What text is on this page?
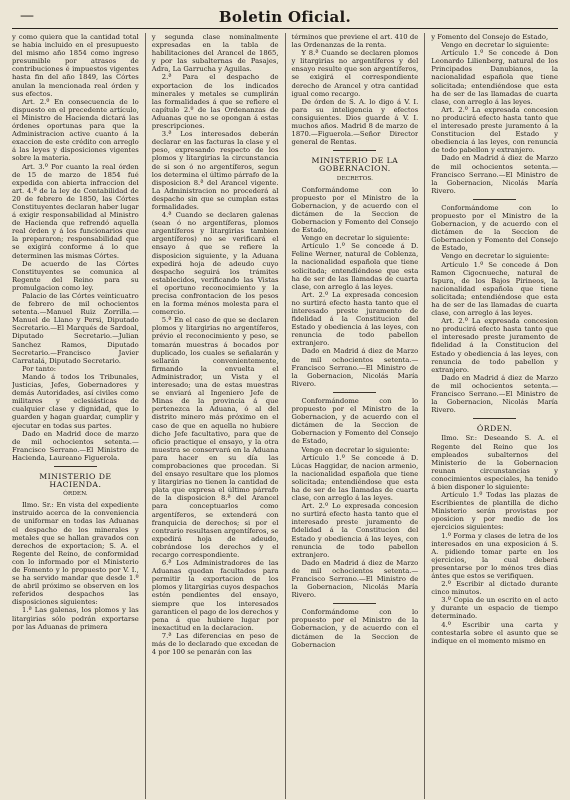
—	Boletin Oficial.

y como quiera que la cantidad total se habia incluido en el presupuesto del mismo año 1854 como ingreso presumible por atrasos de contribuciones é impuestos vigentes hasta fin del año 1849, las Córtes anulan la mencionada real órden y sus efectos.

Art. 2.º En consecuencia de lo dispuesto en el precedente artículo, el Ministro de Hacienda dictará las órdenes oportunas para que la Administracion active cuanto á la exaccion de este crédito con arreglo á las leyes y disposiciones vigentes sobre la materia.

Art. 3.º Por cuanto la real órden de 15 de marzo de 1854 fué expedida con abierta infraccion del art. 4.º de la ley de Contabilidad de 20 de febrero de 1850, las Córtes Constituyentes declaran haber lugar á exigir responsabilidad al Ministro de Hacienda que refrendó aquella real órden y á los funcionarios que la prepararon; responsabilidad que se exigirá conforme á lo que determinen las mismas Córtes.

De acuerdo de las Córtes Constituyentes se comunica al Regente del Reino para su promulgacion como ley.

Palacio de las Córtes veinticuatro de febrero de mil ochocientos setenta.—Manuel Ruiz Zorrilla.—Manuel de Llano y Persi, Diputado Secretario.—El Marqués de Sardoal, Diputado Secretario.—Julian Sanchez Ramos, Diputado Secretario.—Francisco Javier Carratalá, Diputado Secretario.

Por tanto:

Mando á todos los Tribunales, Justicias, Jefes, Gobernadores y demás Autoridades, así civiles como militares y eclesiásticas de cualquier clase y dignidad, que lo guarden y hagan guardar, cumplir y ejecutar en todas sus partes.

Dado en Madrid doce de marzo de mil ochocientos setenta.—Francisco Serrano.—El Ministro de Hacienda, Laureano Figuerola.

MINISTERIO DE HACIENDA.
ÓRDEN.

Ilmo. Sr.: En vista del expediente instruido acerca de la conveniencia de uniformar en todas las Aduanas el despacho de los minerales y metales que se hallan gravados con derechos de exportacion; S. A. el Regente del Reino, de conformidad con lo informado por el Ministerio de Fomento y lo propuesto por V. I., se ha servido mandar que desde 1.º de abril próximo se observen en los referidos despachos las disposiciones siguientes:

1.ª Las galenas, los plomos y las litargirias sólo podrán exportarse por las Aduanas de primera

y segunda clase nominalmente expresadas en la tabla de habilitaciones del Arancel de 1865, y por las subalternas de Pasajes, Adra, La Garrucha y Aguilas.

2.ª Para el despacho de exportacion de los indicados minerales y metales se cumplirán las formalidades á que se refiere el capítulo 2.º de las Ordenanzas de Aduanas que no se opongan á estas prescripciones.

3.ª Los interesados deberán declarar en las facturas la clase y el peso, expresando respecto de los plomos y litargirias la circunstancia de si son ó no argentíferos, segun los determina el último párrafo de la disposicion 8.ª del Arancel vigente. La Administracion no procederá al despacho sin que se cumplan estas formalidades.

4.ª Cuando se declaren galenas (sean ó no argentíferas, plomos argentíferos y litargirias tambien argentíferos) no se verificará el ensayo á que se refiere la disposicion siguiente, y la Aduana expedirá hoja de adeudo cuyo despacho seguirá los trámites establecidos, verificando las Vistas el oportuno reconocimiento y la precisa confrontacion de los pesos en la forma ménos molesta para el comercio.

5.ª En el caso de que se declaren plomos y litargirias no argentíferos, prévio el reconocimiento y peso, se tomarán muestras á bocados por duplicado, los cuales se señalarán y sellarán convenientemente, firmando la envuelta el Administrador, un Vista y el interesado; una de estas muestras se enviará al Ingeniero Jefe de Minas de la provincia á que pertenezca la Aduana, ó al del distrito minero más próximo en el caso de que en aquella no hubiere dicho Jefe facultativo, para que de oficio practique el ensayo, y la otra muestra se conservará en la Aduana para hacer en su día las comprobaciones que procedan. Si del ensayo resultare que los plomos y litargirias no tienen la cantidad de plata que expresa el último párrafo de la disposicion 8.ª del Arancel para conceptuarlos como argentíferos, se extenderá con franquicia de derechos; si por el contrario resultasen argentíferos, se expedirá hoja de adeudo, cobrándose los derechos y el recargo correspondiente.

6.ª Los Administradores de las Aduanas quedan facultados para permitir la exportacion de los plomos y litargirias cuyos despachos estén pendientes del ensayo, siempre que los interesados garanticen el pago de los derechos y pena á que hubiere lugar por inexactitud en la declaracion.

7.ª Las diferencias en peso de más de lo declarado que excedan de 4 por 100 se penarán con las

términos que previene el art. 410 de las Ordenanzas de la renta.

Y 8.ª Cuando se declaren plomos y litargirias no argentíferos y del ensayo resulte que son argentíferos, se exigirá el correspondiente derecho de Arancel y otra cantidad igual como recargo.

De órden de S. A. lo digo á V. I. para su inteligencia y efectos consiguientes. Dios guarde á V. I. muchos años. Madrid 8 de marzo de 1870.—Figuerola.—Señor Director general de Rentas.

MINISTERIO DE LA GOBERNACION.
DECRETOS.

Conformándome con lo propuesto por el Ministro de la Gobernacion, y de acuerdo con el dictámen de la Seccion de Gobernacion y Fomento del Consejo de Estado,

Vengo en decretar lo siguiente:

Artículo 1.º Se concede á D. Feline Werner, natural de Coblenza, la nacionalidad española que tiene solicitada; entendiéndose que esta ha de ser de las llamadas de cuarta clase, con arreglo á las leyes.

Art. 2.º La expresada concesion no surtirá efecto hasta tanto que el interesado preste juramento de fidelidad á la Constitucion del Estado y obediencia á las leyes, con renuncia de todo pabellon extranjero.

Dado en Madrid á diez de Marzo de mil ochocientos setenta.—Francisco Serrano.—El Ministro de la Gobernacion, Nicolás María Rivero.

Conformándome con lo propuesto por el Ministro de la Gobernacion, y de acuerdo con el dictámen de la Seccion de Gobernacion y Fomento del Consejo de Estado,

Vengo en decretar lo siguiente:

Artículo 1.º Se concede á D. Lúcas Haggidar, de nacion armenio, la nacionalidad española que tiene solicitada; entendiéndose que esta ha de ser de las llamadas de cuarta clase, con arreglo á las leyes.

Art. 2.º Lo expresada concesion no surtirá efecto hasta tanto que el interesado preste juramento de fidelidad á la Constitucion del Estado y obediencia á las leyes, con renuncia de todo pabellon extranjero.

Dado en Madrid á diez de Marzo de mil ochocientos setenta.—Francisco Serrano.—El Ministro de la Gobernacion, Nicolás María Rivero.

Conformándome con lo propuesto por el Ministro de la Gobernacion, y de acuerdo con el dictámen de la Seccion de Gobernacion

y Fomento del Consejo de Estado,

Vengo en decretar lo siguiente:

Artículo 1.º Se concede á Don Leonardo Lilienberg, natural de los Principados Danubianos, la nacionalidad española que tiene solicitada; entendiéndose que esta ha de ser de las llamadas de cuarta clase, con arreglo á las leyes.

Art. 2.º La expresada concesion no producirá efecto hasta tanto que el interesado preste juramento á la Constitucion del Estado y obediencia á las leyes, con renuncia de todo pabellon y extranjero.

Dado en Madrid á diez de Marzo de mil ochocientos setenta.—Francisco Serrano.—El Ministro de la Gobernacion, Nicolás María Rivero.

Conformándome con lo propuesto por el Ministro de la Gobernacion, y de acuerdo con el dictámen de la Seccion de Gobernacion y Fomento del Consejo de Estado,

Vengo en decretar lo siguiente:

Artículo 1.º Se concede á Don Ramon Cigocnueche, natural de Ispura, de los Bajos Pirineos, la nacionalidad española que tiene solicitada; entendiéndose que esta ha de ser de las llamadas de cuarta clase, con arreglo á las leyes.

Art. 2.º La expresada concesion no producirá efecto hasta tanto que el interesado preste juramento de fidelidad á la Constitucion del Estado y obediencia á las leyes, con renuncia de todo pabellon y extranjero.

Dado en Madrid á diez de Marzo de mil ochocientos setenta.—Francisco Serrano.—El Ministro de la Gobernacion, Nicolás María Rivero.

ÓRDEN.

Ilmo. Sr.: Deseando S. A. el Regente del Reino que los empleados subalternos del Ministerio de la Gobernacion reunan circunstancias y conocimientos especiales, ha tenido á bien disponer lo siguiente:

Artículo 1.º Todas las plazas de Escribientes de plantilla de dicho Ministerio serán provistas por oposicion y por medio de los ejercicios siguientes:

1.º Forma y clases de letra de los interesados en una exposicion á S. A. pidiendo tomar parte en los ejercicios, la cual deberá presentarse por lo ménos tres dias ántes que estos se verifiquen.

2.º Escribir al dictado durante cinco minutos.

3.º Copia de un escrito en el acto y durante un espacio de tiempo determinado.

4.º Escribir una carta y contestarla sobre el asunto que se indique en el momento mismo en
